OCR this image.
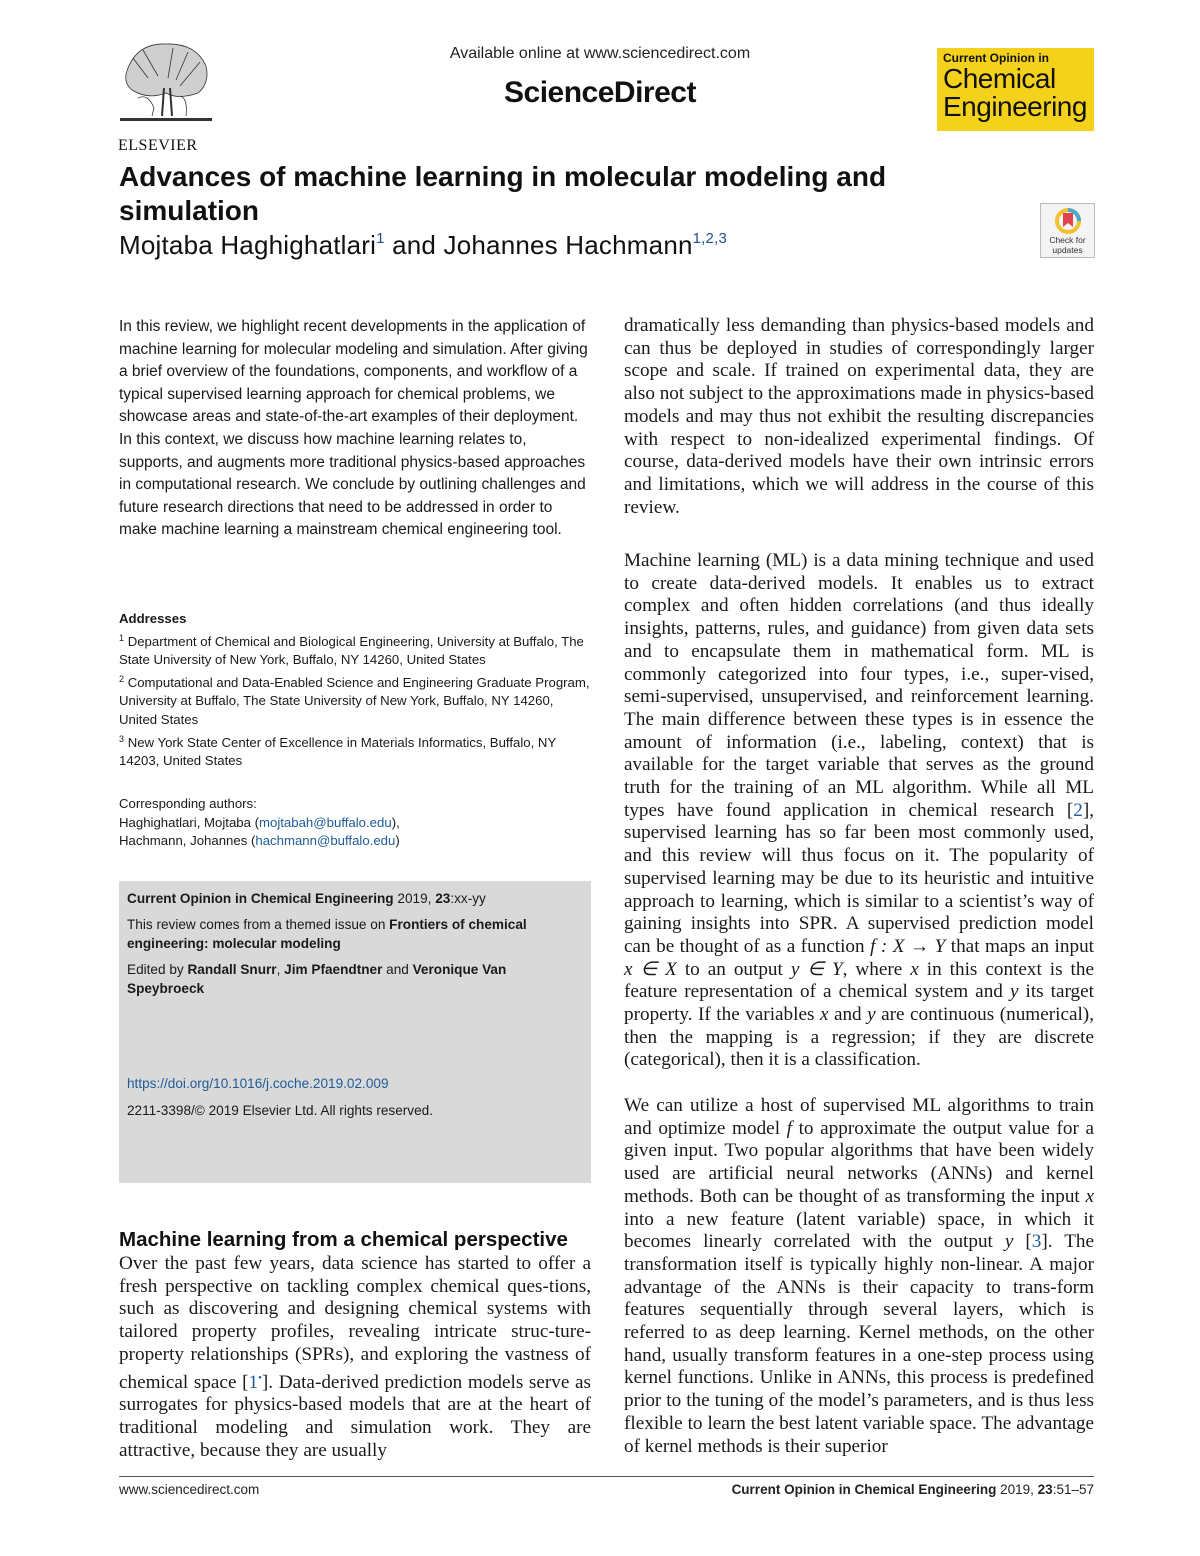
ELSEVIER
Available online at www.sciencedirect.com
ScienceDirect
Current Opinion in
Chemical
Engineering
Check for
updates
Advances of machine learning in molecular modeling and simulation
Mojtaba Haghighatlari$^1$ and Johannes Hachmann$^{1,2,3}$

In this review, we highlight recent developments in the application of machine learning for molecular modeling and simulation. After giving a brief overview of the foundations, components, and workflow of a typical supervised learning approach for chemical problems, we showcase areas and state-of-the-art examples of their deployment. In this context, we discuss how machine learning relates to, supports, and augments more traditional physics-based approaches in computational research. We conclude by outlining challenges and future research directions that need to be addressed in order to make machine learning a mainstream chemical engineering tool.

Addresses
$^1$ Department of Chemical and Biological Engineering, University at Buffalo, The State University of New York, Buffalo, NY 14260, United States
$^2$ Computational and Data-Enabled Science and Engineering Graduate Program, University at Buffalo, The State University of New York, Buffalo, NY 14260, United States
$^3$ New York State Center of Excellence in Materials Informatics, Buffalo, NY 14203, United States
Corresponding authors:
Haghighatlari, Mojtaba (mojtabah@buffalo.edu),
Hachmann, Johannes (hachmann@buffalo.edu)

Current Opinion in Chemical Engineering 2019, 23:xx-yy

This review comes from a themed issue on Frontiers of chemical engineering: molecular modeling

Edited by Randall Snurr, Jim Pfaendtner and Veronique Van Speybroeck

https://doi.org/10.1016/j.coche.2019.02.009
2211-3398/© 2019 Elsevier Ltd. All rights reserved.
Machine learning from a chemical perspective

Over the past few years, data science has started to offer a fresh perspective on tackling complex chemical ques-tions, such as discovering and designing chemical systems with tailored property profiles, revealing intricate struc-ture-property relationships (SPRs), and exploring the vastness of chemical space [1•]. Data-derived prediction models serve as surrogates for physics-based models that are at the heart of traditional modeling and simulation work. They are attractive, because they are usually

dramatically less demanding than physics-based models and can thus be deployed in studies of correspondingly larger scope and scale. If trained on experimental data, they are also not subject to the approximations made in physics-based models and may thus not exhibit the resulting discrepancies with respect to non-idealized experimental findings. Of course, data-derived models have their own intrinsic errors and limitations, which we will address in the course of this review.

Machine learning (ML) is a data mining technique and used to create data-derived models. It enables us to extract complex and often hidden correlations (and thus ideally insights, patterns, rules, and guidance) from given data sets and to encapsulate them in mathematical form. ML is commonly categorized into four types, i.e., super-vised, semi-supervised, unsupervised, and reinforcement learning. The main difference between these types is in essence the amount of information (i.e., labeling, context) that is available for the target variable that serves as the ground truth for the training of an ML algorithm. While all ML types have found application in chemical research [2], supervised learning has so far been most commonly used, and this review will thus focus on it. The popularity of supervised learning may be due to its heuristic and intuitive approach to learning, which is similar to a scientist’s way of gaining insights into SPR. A supervised prediction model can be thought of as a function f : X → Y that maps an input x ∈ X to an output y ∈ Y, where x in this context is the feature representation of a chemical system and y its target property. If the variables x and y are continuous (numerical), then the mapping is a regression; if they are discrete (categorical), then it is a classification.

We can utilize a host of supervised ML algorithms to train and optimize model f to approximate the output value for a given input. Two popular algorithms that have been widely used are artificial neural networks (ANNs) and kernel methods. Both can be thought of as transforming the input x into a new feature (latent variable) space, in which it becomes linearly correlated with the output y [3]. The transformation itself is typically highly non-linear. A major advantage of the ANNs is their capacity to trans-form features sequentially through several layers, which is referred to as deep learning. Kernel methods, on the other hand, usually transform features in a one-step process using kernel functions. Unlike in ANNs, this process is predefined prior to the tuning of the model’s parameters, and is thus less flexible to learn the best latent variable space. The advantage of kernel methods is their superior

www.sciencedirect.com	Current Opinion in Chemical Engineering 2019, 23:51–57
